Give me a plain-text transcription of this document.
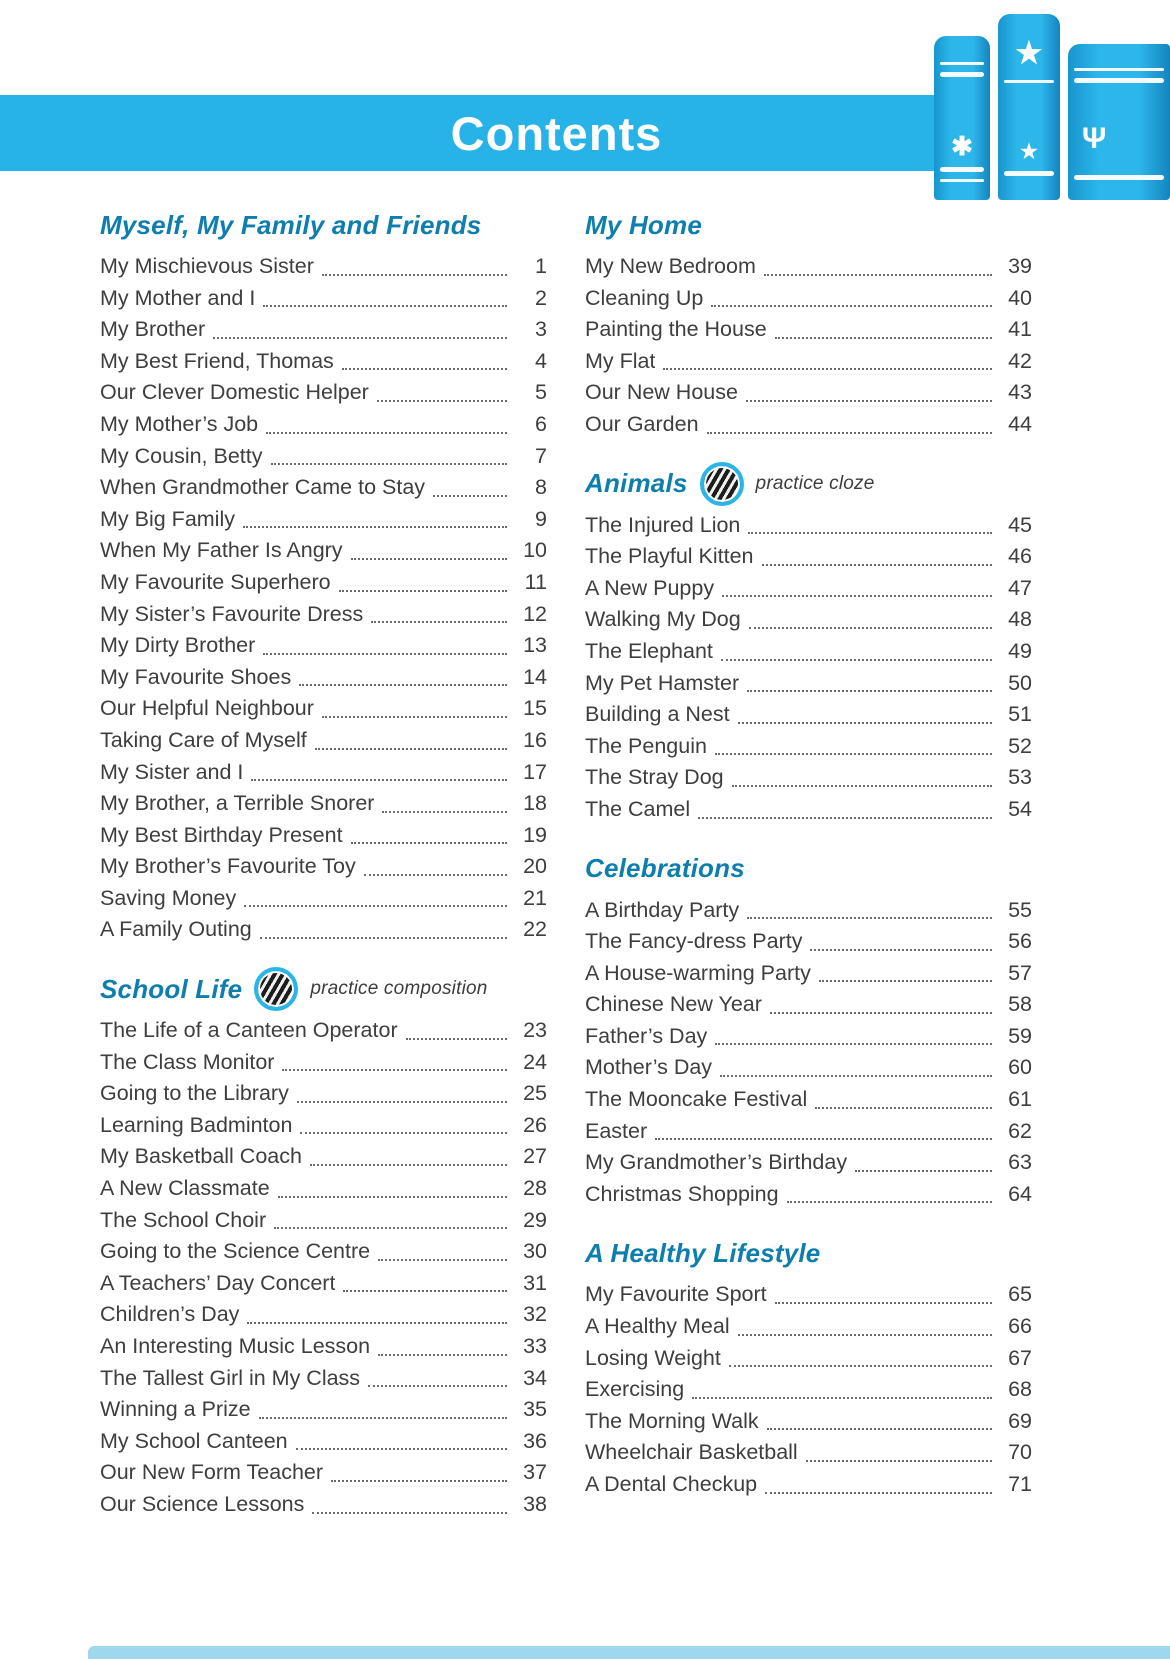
Contents	✱
★
★	Ψ
Myself, My Family and Friends
My Mischievous Sister	1
My Mother and I	2
My Brother	3
My Best Friend, Thomas	4
Our Clever Domestic Helper	5
My Mother’s Job	6
My Cousin, Betty	7
When Grandmother Came to Stay	8
My Big Family	9
When My Father Is Angry	10
My Favourite Superhero	11
My Sister’s Favourite Dress	12
My Dirty Brother	13
My Favourite Shoes	14
Our Helpful Neighbour	15
Taking Care of Myself	16
My Sister and I	17
My Brother, a Terrible Snorer	18
My Best Birthday Present	19
My Brother’s Favourite Toy	20
Saving Money	21
A Family Outing	22
School Life	practice composition
The Life of a Canteen Operator	23
The Class Monitor	24
Going to the Library	25
Learning Badminton	26
My Basketball Coach	27
A New Classmate	28
The School Choir	29
Going to the Science Centre	30
A Teachers’ Day Concert	31
Children’s Day	32
An Interesting Music Lesson	33
The Tallest Girl in My Class	34
Winning a Prize	35
My School Canteen	36
Our New Form Teacher	37
Our Science Lessons	38
My Home
My New Bedroom	39
Cleaning Up	40
Painting the House	41
My Flat	42
Our New House	43
Our Garden	44
Animals	practice cloze
The Injured Lion	45
The Playful Kitten	46
A New Puppy	47
Walking My Dog	48
The Elephant	49
My Pet Hamster	50
Building a Nest	51
The Penguin	52
The Stray Dog	53
The Camel	54
Celebrations
A Birthday Party	55
The Fancy-dress Party	56
A House-warming Party	57
Chinese New Year	58
Father’s Day	59
Mother’s Day	60
The Mooncake Festival	61
Easter	62
My Grandmother’s Birthday	63
Christmas Shopping	64
A Healthy Lifestyle
My Favourite Sport	65
A Healthy Meal	66
Losing Weight	67
Exercising	68
The Morning Walk	69
Wheelchair Basketball	70
A Dental Checkup	71
